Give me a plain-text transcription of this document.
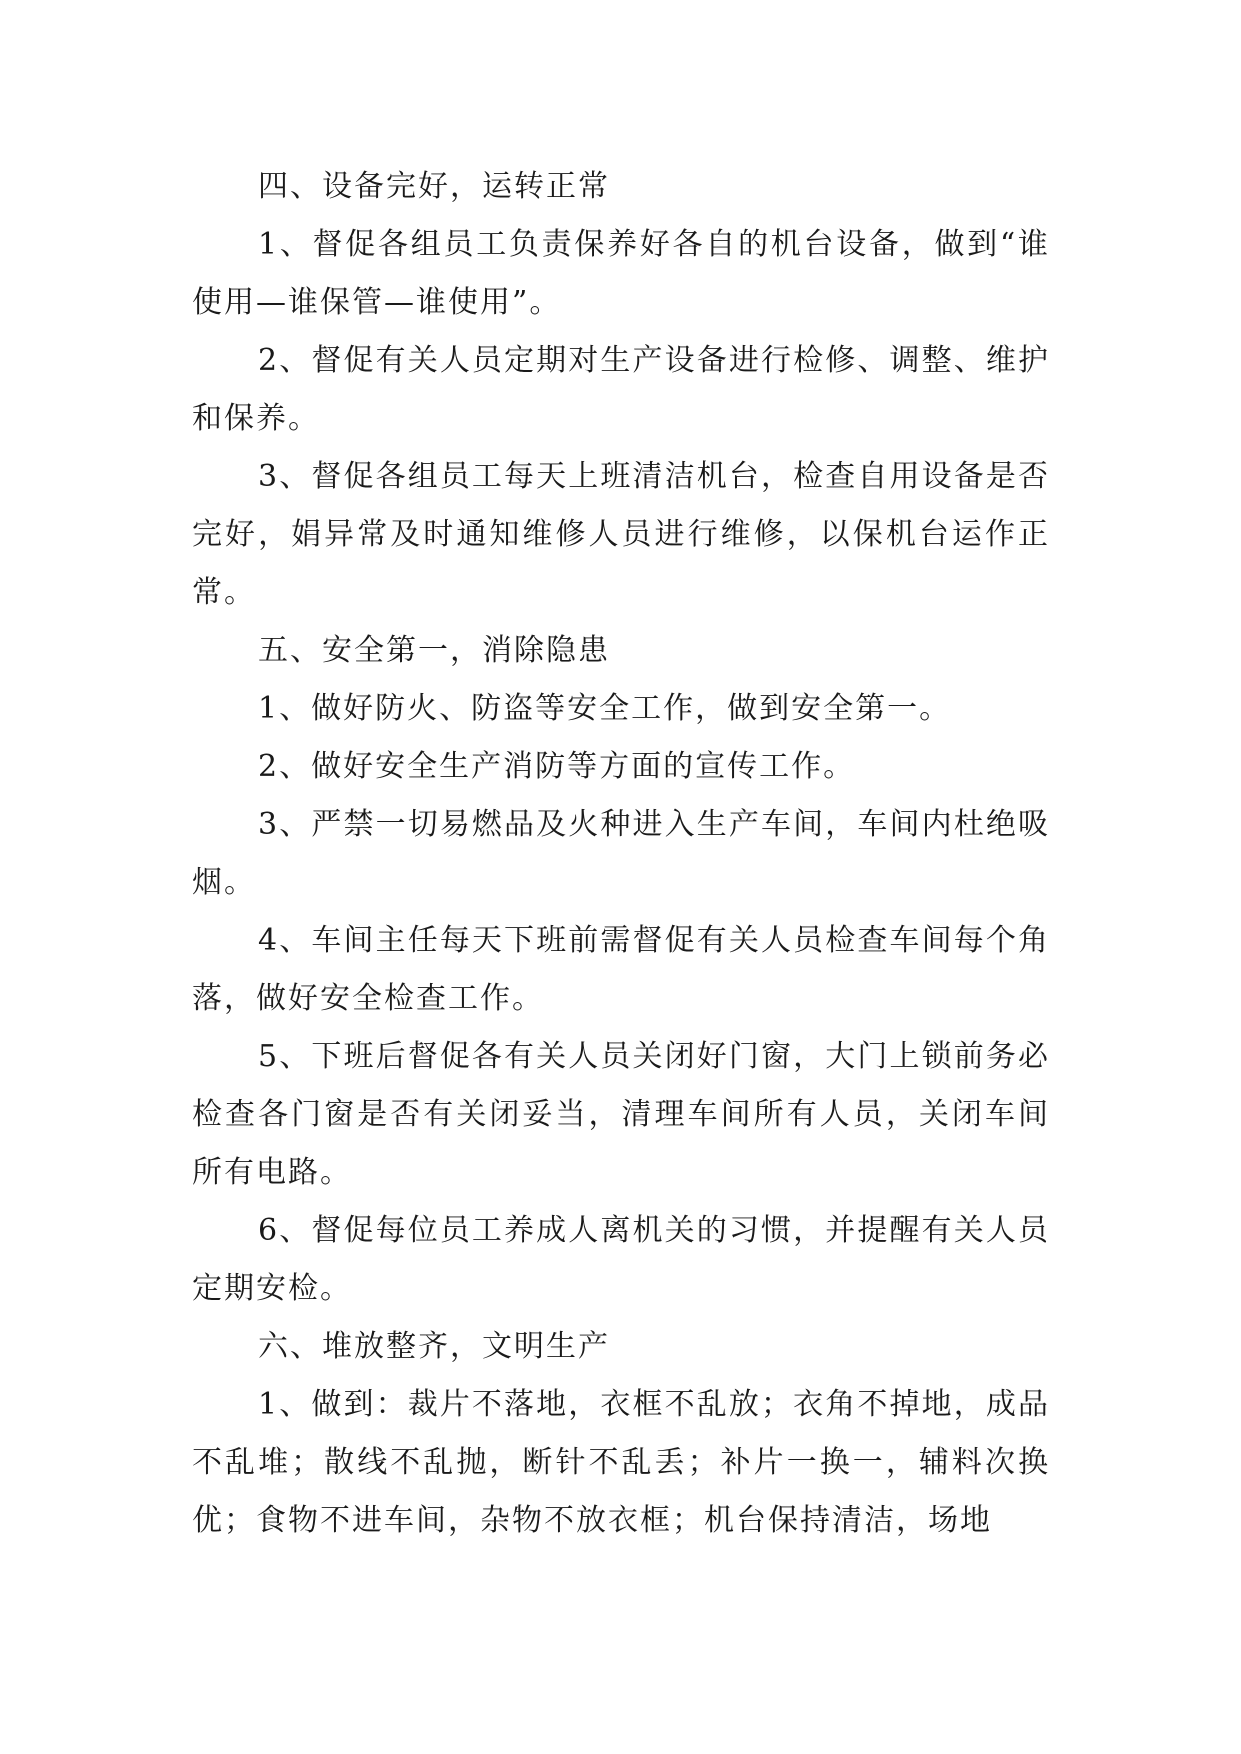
四、设备完好，运转正常

1、督促各组员工负责保养好各自的机台设备，做到“谁使用—谁保管—谁使用”。

2、督促有关人员定期对生产设备进行检修、调整、维护和保养。

3、督促各组员工每天上班清洁机台，检查自用设备是否完好，娟异常及时通知维修人员进行维修，以保机台运作正常。

五、安全第一，消除隐患

1、做好防火、防盗等安全工作，做到安全第一。

2、做好安全生产消防等方面的宣传工作。

3、严禁一切易燃品及火种进入生产车间，车间内杜绝吸烟。

4、车间主任每天下班前需督促有关人员检查车间每个角落，做好安全检查工作。

5、下班后督促各有关人员关闭好门窗，大门上锁前务必检查各门窗是否有关闭妥当，清理车间所有人员，关闭车间所有电路。

6、督促每位员工养成人离机关的习惯，并提醒有关人员定期安检。

六、堆放整齐，文明生产

1、做到：裁片不落地，衣框不乱放；衣角不掉地，成品不乱堆；散线不乱抛，断针不乱丢；补片一换一，辅料次换优；食物不进车间，杂物不放衣框；机台保持清洁，场地
